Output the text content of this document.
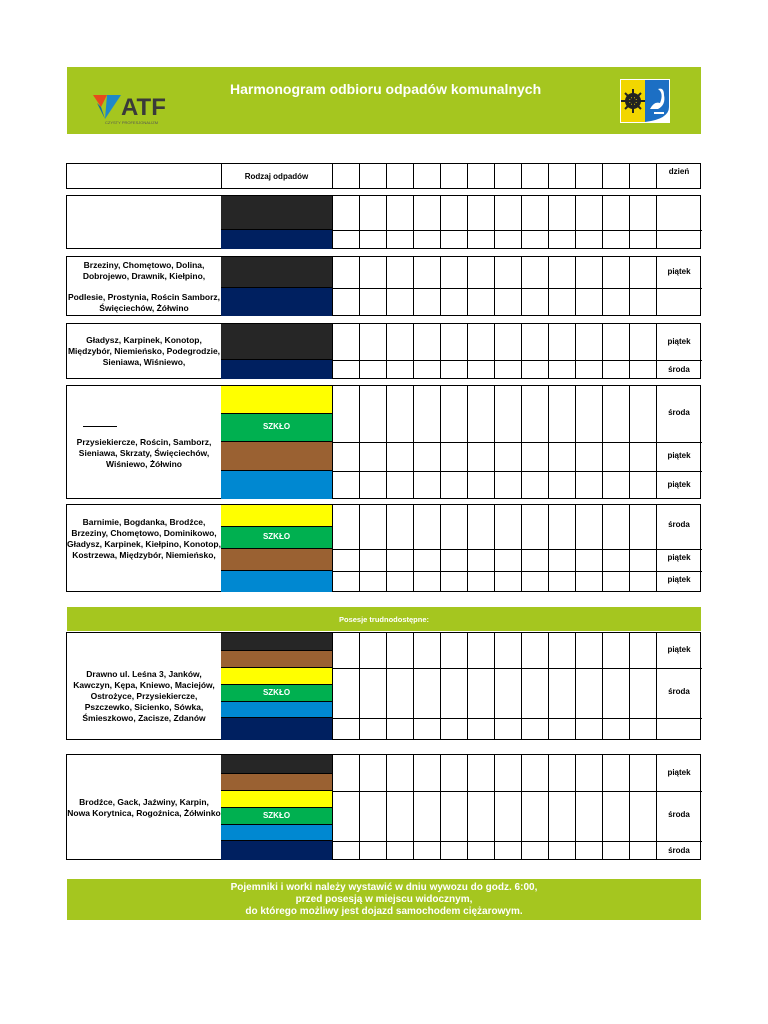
ATF
CZYSTY PROFESJONALIZM
Harmonogram odbioru odpadów komunalnych
Rodzaj odpadów
dzień
Brzeziny, Chomętowo, Dolina, Dobrojewo, Drawnik, Kiełpino,
Podlesie, Prostynia, Rościn Samborz, Święciechów, Żółwino
piątek
Gładysz, Karpinek, Konotop, Międzybór, Niemieńsko, Podegrodzie, Sieniawa, Wiśniewo,
piątek
środa
Przysiekiercze, Rościn, Samborz, Sieniawa, Skrzaty, Święciechów, Wiśniewo, Żółwino
SZKŁO
środa
piątek
piątek
Barnimie, Bogdanka, Brodźce, Brzeziny, Chomętowo, Dominikowo, Gładysz, Karpinek, Kiełpino, Konotop, Kostrzewa, Międzybór, Niemieńsko,
SZKŁO
środa
piątek
piątek
Posesje trudnodostępne:
Drawno ul. Leśna 3, Janków, Kawczyn, Kępa, Kniewo, Maciejów, Ostrożyce, Przysiekiercze, Pszczewko, Sicienko, Sówka, Śmieszkowo, Zacisze, Zdanów
SZKŁO
piątek
środa
Brodźce, Gack, Jaźwiny, Karpin, Nowa Korytnica, Rogoźnica, Żółwinko	SZKŁO
piątek
środa
środa
Pojemniki i worki należy wystawić w dniu wywozu do godz. 6:00,
przed posesją w miejscu widocznym,
do którego możliwy jest dojazd samochodem ciężarowym.
